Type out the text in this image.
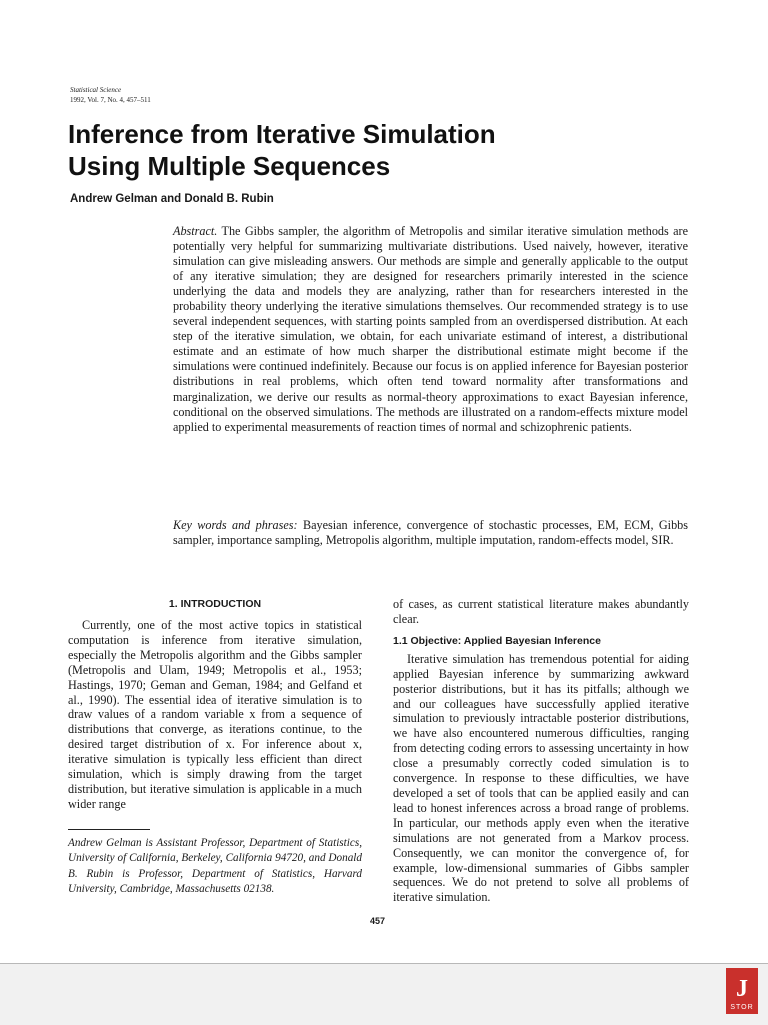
Statistical Science
1992, Vol. 7, No. 4, 457–511
Inference from Iterative Simulation
Using Multiple Sequences
Andrew Gelman and Donald B. Rubin

Abstract. The Gibbs sampler, the algorithm of Metropolis and similar iterative simulation methods are potentially very helpful for summarizing multivariate distributions. Used naively, however, iterative simulation can give misleading answers. Our methods are simple and generally applicable to the output of any iterative simulation; they are designed for researchers primarily interested in the science underlying the data and models they are analyzing, rather than for researchers interested in the probability theory underlying the iterative simulations themselves. Our recommended strategy is to use several independent sequences, with starting points sampled from an overdispersed distribution. At each step of the iterative simulation, we obtain, for each univariate estimand of interest, a distributional estimate and an estimate of how much sharper the distributional estimate might become if the simulations were continued indefinitely. Because our focus is on applied inference for Bayesian posterior distributions in real problems, which often tend toward normality after transformations and marginalization, we derive our results as normal-theory approximations to exact Bayesian inference, conditional on the observed simulations. The methods are illustrated on a random-effects mixture model applied to experimental measurements of reaction times of normal and schizophrenic patients.

Key words and phrases: Bayesian inference, convergence of stochastic processes, EM, ECM, Gibbs sampler, importance sampling, Metropolis algorithm, multiple imputation, random-effects model, SIR.

1. INTRODUCTION

Currently, one of the most active topics in statistical computation is inference from iterative simulation, especially the Metropolis algorithm and the Gibbs sampler (Metropolis and Ulam, 1949; Metropolis et al., 1953; Hastings, 1970; Geman and Geman, 1984; and Gelfand et al., 1990). The essential idea of iterative simulation is to draw values of a random variable x from a sequence of distributions that converge, as iterations continue, to the desired target distribution of x. For inference about x, iterative simulation is typically less efficient than direct simulation, which is simply drawing from the target distribution, but iterative simulation is applicable in a much wider range

Andrew Gelman is Assistant Professor, Department of Statistics, University of California, Berkeley, California 94720, and Donald B. Rubin is Professor, Department of Statistics, Harvard University, Cambridge, Massachusetts 02138.

of cases, as current statistical literature makes abundantly clear.

1.1 Objective: Applied Bayesian Inference

Iterative simulation has tremendous potential for aiding applied Bayesian inference by summarizing awkward posterior distributions, but it has its pitfalls; although we and our colleagues have successfully applied iterative simulation to previously intractable posterior distributions, we have also encountered numerous difficulties, ranging from detecting coding errors to assessing uncertainty in how close a presumably correctly coded simulation is to convergence. In response to these difficulties, we have developed a set of tools that can be applied easily and can lead to honest inferences across a broad range of problems. In particular, our methods apply even when the iterative simulations are not generated from a Markov process. Consequently, we can monitor the convergence of, for example, low-dimensional summaries of Gibbs sampler sequences. We do not pretend to solve all problems of iterative simulation.

457
J
STOR
